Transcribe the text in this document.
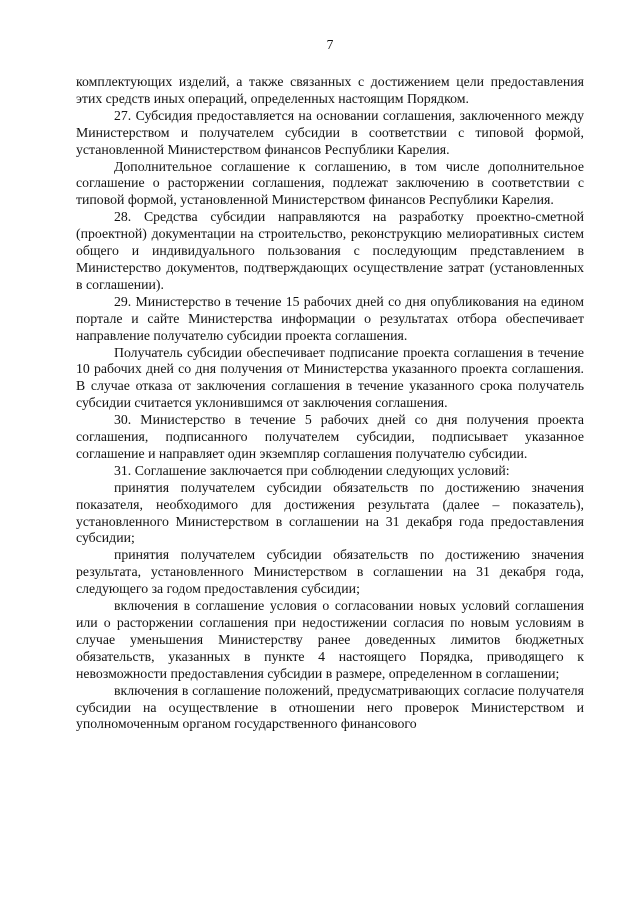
7

комплектующих изделий, а также связанных с достижением цели предоставления этих средств иных операций, определенных настоящим Порядком.

27. Субсидия предоставляется на основании соглашения, заключенного между Министерством и получателем субсидии в соответствии с типовой формой, установленной Министерством финансов Республики Карелия.

Дополнительное соглашение к соглашению, в том числе дополнительное соглашение о расторжении соглашения, подлежат заключению в соответствии с типовой формой, установленной Министерством финансов Республики Карелия.

28. Средства субсидии направляются на разработку проектно-сметной (проектной) документации на строительство, реконструкцию мелиоративных систем общего и индивидуального пользования с последующим представлением в Министерство документов, подтверждающих осуществление затрат (установленных в соглашении).

29. Министерство в течение 15 рабочих дней со дня опубликования на едином портале и сайте Министерства информации о результатах отбора обеспечивает направление получателю субсидии проекта соглашения.

Получатель субсидии обеспечивает подписание проекта соглашения в течение 10 рабочих дней со дня получения от Министерства указанного проекта соглашения. В случае отказа от заключения соглашения в течение указанного срока получатель субсидии считается уклонившимся от заключения соглашения.

30. Министерство в течение 5 рабочих дней со дня получения проекта соглашения, подписанного получателем субсидии, подписывает указанное соглашение и направляет один экземпляр соглашения получателю субсидии.

31. Соглашение заключается при соблюдении следующих условий:

принятия получателем субсидии обязательств по достижению значения показателя, необходимого для достижения результата (далее – показатель), установленного Министерством в соглашении на 31 декабря года предоставления субсидии;

принятия получателем субсидии обязательств по достижению значения результата, установленного Министерством в соглашении на 31 декабря года, следующего за годом предоставления субсидии;

включения в соглашение условия о согласовании новых условий соглашения или о расторжении соглашения при недостижении согласия по новым условиям в случае уменьшения Министерству ранее доведенных лимитов бюджетных обязательств, указанных в пункте 4 настоящего Порядка, приводящего к невозможности предоставления субсидии в размере, определенном в соглашении;

включения в соглашение положений, предусматривающих согласие получателя субсидии на осуществление в отношении него проверок Министерством и уполномоченным органом государственного финансового
